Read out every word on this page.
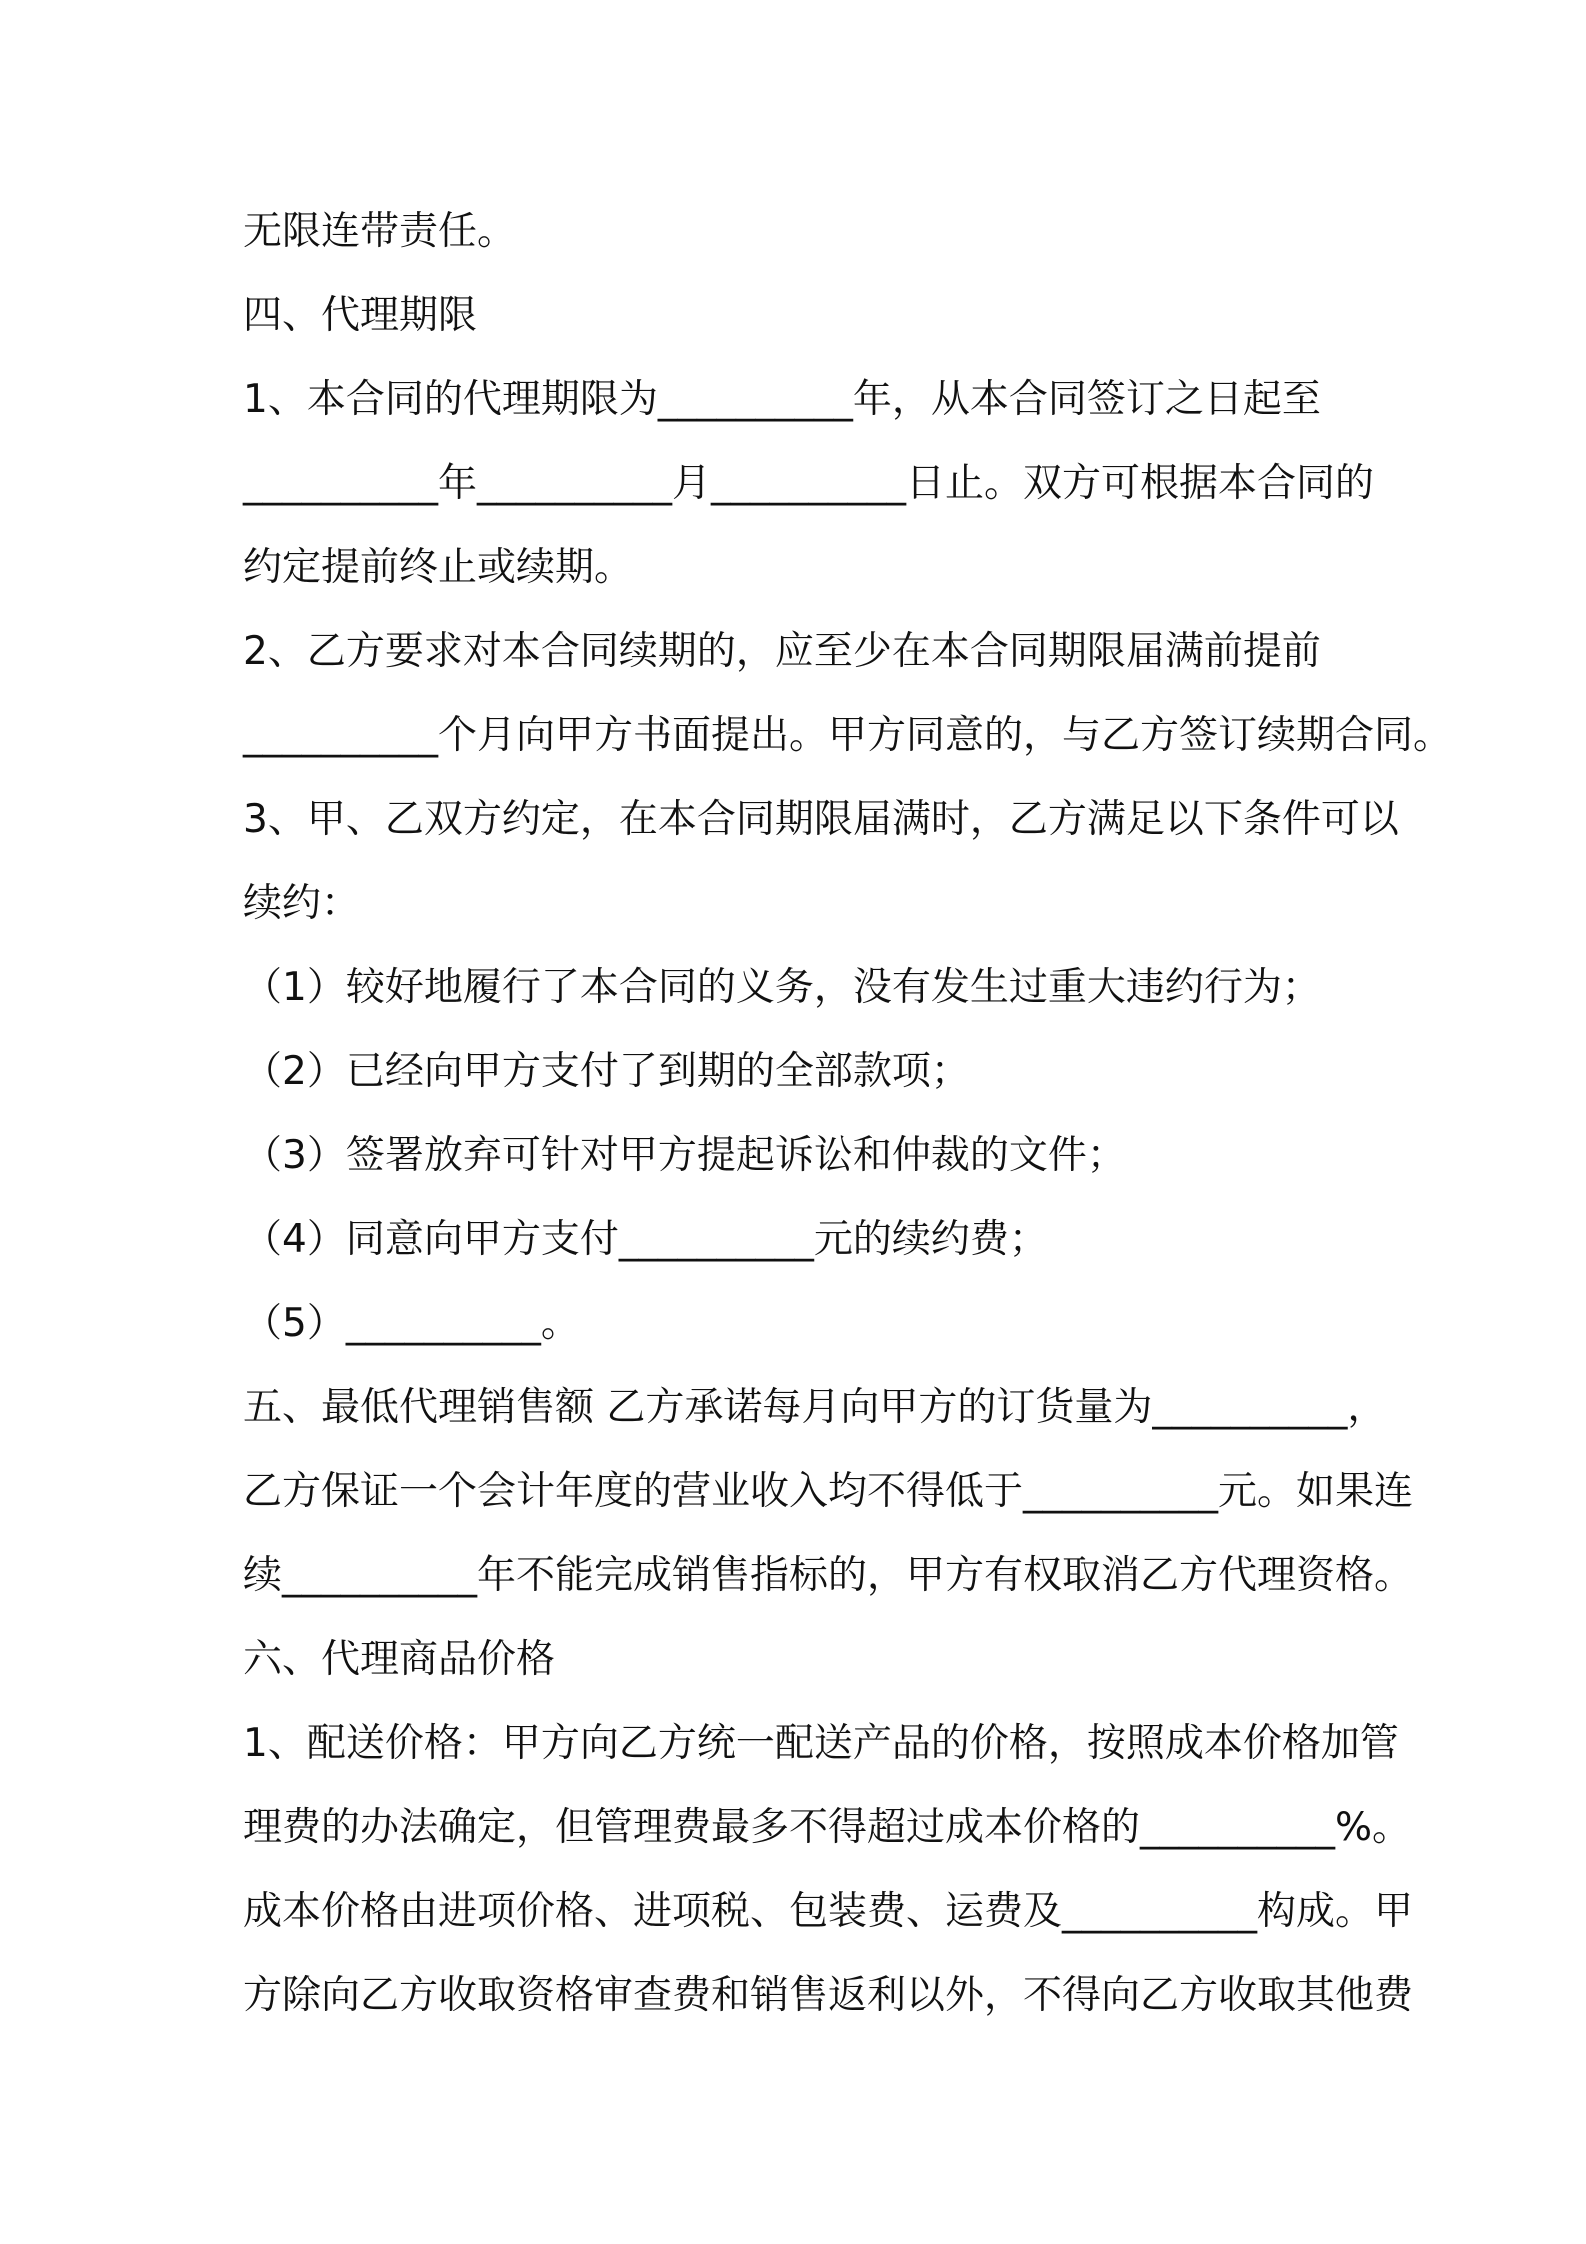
无限连带责任。
四、代理期限
1、本合同的代理期限为__________年，从本合同签订之日起至
__________年__________月__________日止。双方可根据本合同的
约定提前终止或续期。
2、乙方要求对本合同续期的，应至少在本合同期限届满前提前
__________个月向甲方书面提出。甲方同意的，与乙方签订续期合同。
3、甲、乙双方约定，在本合同期限届满时，乙方满足以下条件可以
续约：
（1）较好地履行了本合同的义务，没有发生过重大违约行为；
（2）已经向甲方支付了到期的全部款项；
（3）签署放弃可针对甲方提起诉讼和仲裁的文件；
（4）同意向甲方支付__________元的续约费；
（5）__________。
五、最低代理销售额 乙方承诺每月向甲方的订货量为__________，
乙方保证一个会计年度的营业收入均不得低于__________元。如果连
续__________年不能完成销售指标的，甲方有权取消乙方代理资格。
六、代理商品价格
1、配送价格：甲方向乙方统一配送产品的价格，按照成本价格加管
理费的办法确定，但管理费最多不得超过成本价格的__________%。
成本价格由进项价格、进项税、包装费、运费及__________构成。甲
方除向乙方收取资格审查费和销售返利以外，不得向乙方收取其他费
